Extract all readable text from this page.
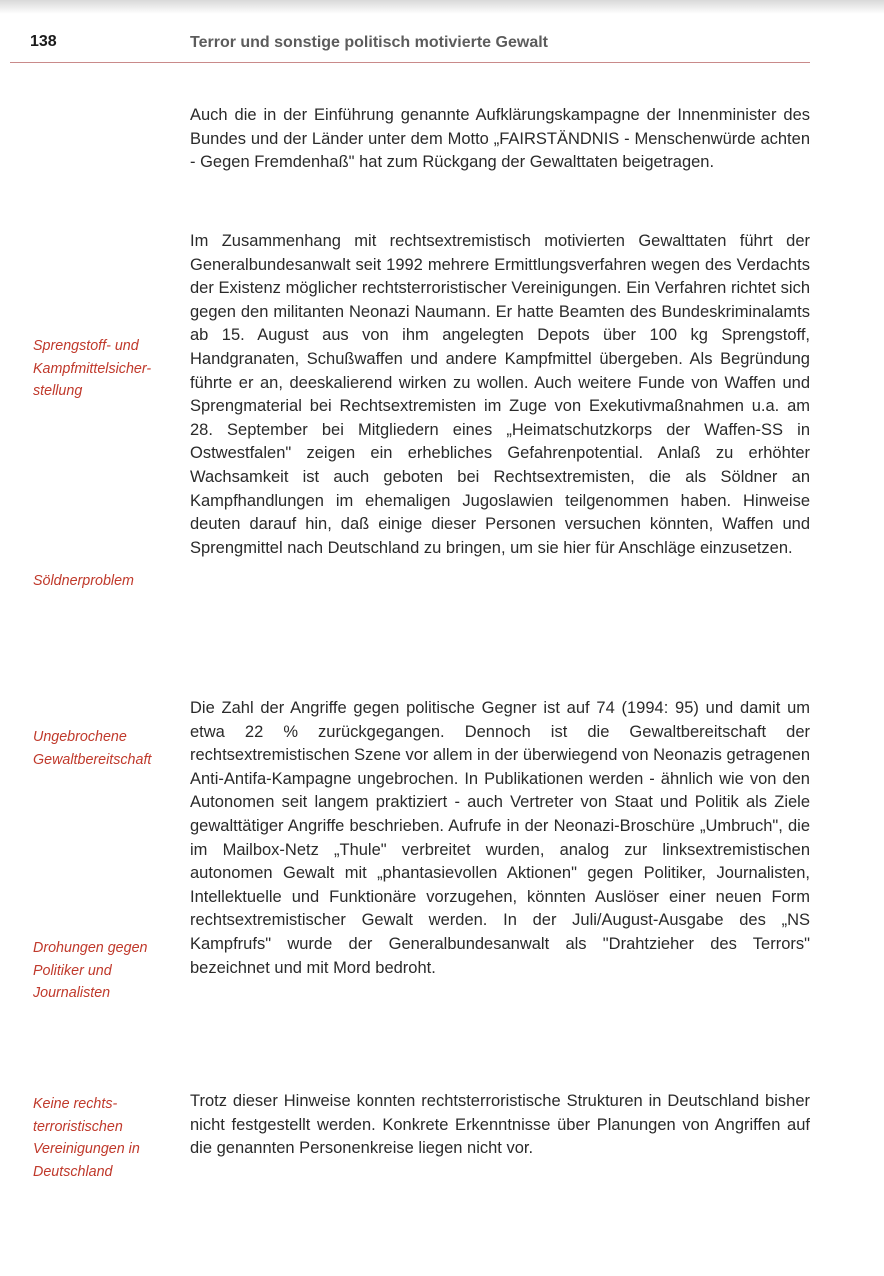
138	Terror und sonstige politisch motivierte Gewalt
Sprengstoff- und Kampfmittelsicher-stellung
Söldnerproblem
Ungebrochene Gewaltbereitschaft
Drohungen gegen Politiker und Journalisten
Keine rechts-terroristischen Vereinigungen in Deutschland
Auch die in der Einführung genannte Aufklärungskampagne der Innenminister des Bundes und der Länder unter dem Motto „FAIRSTÄNDNIS - Menschenwürde achten - Gegen Fremdenhaß" hat zum Rückgang der Gewalttaten beigetragen.
Im Zusammenhang mit rechtsextremistisch motivierten Gewalttaten führt der Generalbundesanwalt seit 1992 mehrere Ermittlungsverfahren wegen des Verdachts der Existenz möglicher rechtsterroristischer Vereinigungen. Ein Verfahren richtet sich gegen den militanten Neonazi Naumann. Er hatte Beamten des Bundeskriminalamts ab 15. August aus von ihm angelegten Depots über 100 kg Sprengstoff, Handgranaten, Schußwaffen und andere Kampfmittel übergeben. Als Begründung führte er an, deeskalierend wirken zu wollen. Auch weitere Funde von Waffen und Sprengmaterial bei Rechtsextremisten im Zuge von Exekutivmaßnahmen u.a. am 28. September bei Mitgliedern eines „Heimatschutzkorps der Waffen-SS in Ostwestfalen" zeigen ein erhebliches Gefahrenpotential. Anlaß zu erhöhter Wachsamkeit ist auch geboten bei Rechtsextremisten, die als Söldner an Kampfhandlungen im ehemaligen Jugoslawien teilgenommen haben. Hinweise deuten darauf hin, daß einige dieser Personen versuchen könnten, Waffen und Sprengmittel nach Deutschland zu bringen, um sie hier für Anschläge einzusetzen.
Die Zahl der Angriffe gegen politische Gegner ist auf 74 (1994: 95) und damit um etwa 22 % zurückgegangen. Dennoch ist die Gewaltbereitschaft der rechtsextremistischen Szene vor allem in der überwiegend von Neonazis getragenen Anti-Antifa-Kampagne ungebrochen. In Publikationen werden - ähnlich wie von den Autonomen seit langem praktiziert - auch Vertreter von Staat und Politik als Ziele gewalttätiger Angriffe beschrieben. Aufrufe in der Neonazi-Broschüre „Umbruch", die im Mailbox-Netz „Thule" verbreitet wurden, analog zur linksextremistischen autonomen Gewalt mit „phantasievollen Aktionen" gegen Politiker, Journalisten, Intellektuelle und Funktionäre vorzugehen, könnten Auslöser einer neuen Form rechtsextremistischer Gewalt werden. In der Juli/August-Ausgabe des „NS Kampfrufs" wurde der Generalbundesanwalt als "Drahtzieher des Terrors" bezeichnet und mit Mord bedroht.
Trotz dieser Hinweise konnten rechtsterroristische Strukturen in Deutschland bisher nicht festgestellt werden. Konkrete Erkenntnisse über Planungen von Angriffen auf die genannten Personenkreise liegen nicht vor.
